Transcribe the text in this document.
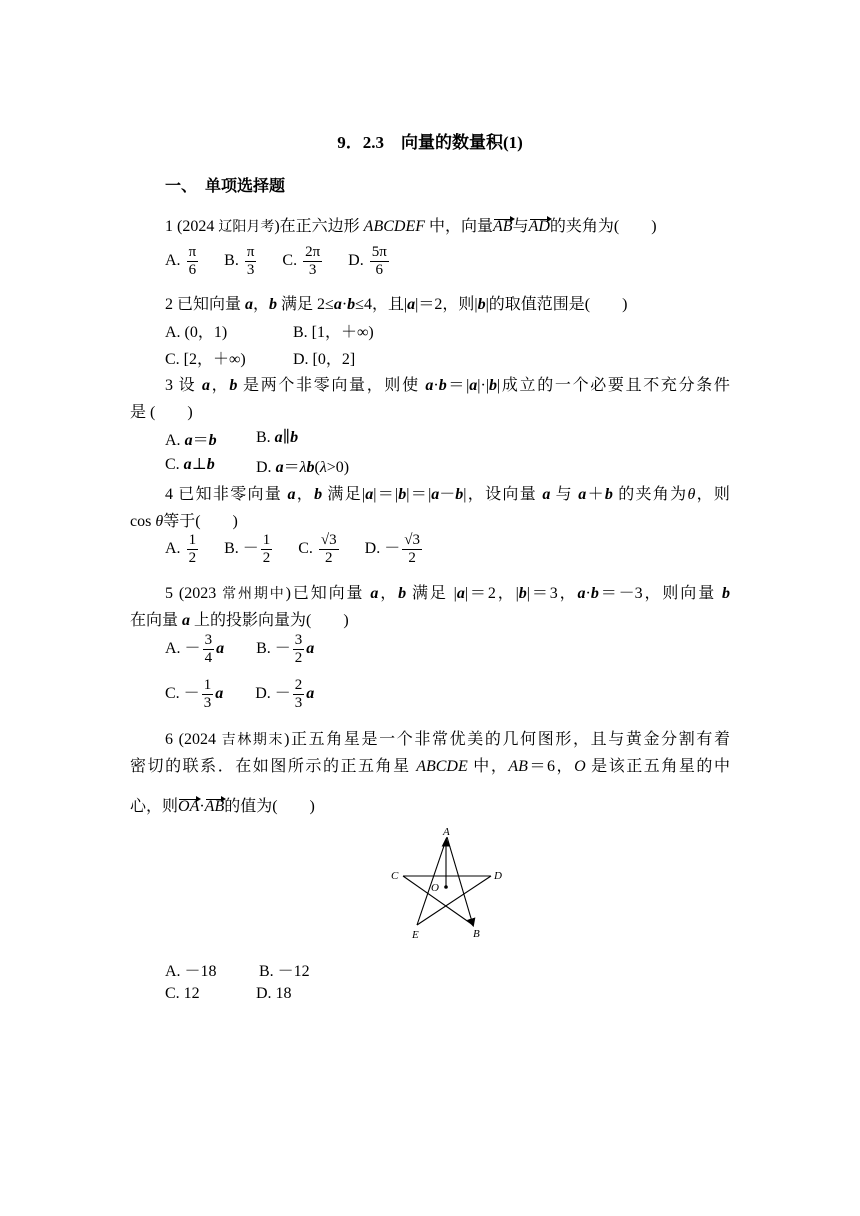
9．2.3　向量的数量积(1)
一、　单项选择题
1 (2024 辽阳月考)在正六边形 ABCDEF 中，向量AB与AD的夹角为(　　)
A. $\frac{\pi}{6} B$. $\frac{\pi}{3} C$. $\frac{2\pi}{3} D$. $\frac{5\pi}{6}$
2 已知向量 a，b 满足 2≤a·b≤4，且|a|＝2，则|b|的取值范围是(　　)
A. (0，1)	B. [1，＋∞)
C. [2，＋∞)	D. [0，2]
3 设 a，b 是两个非零向量，则使 a·b＝|a|·|b|成立的一个必要且不充分条件
是 (　　)
A. a＝b B. a∥b
C. a⊥b	D. a＝λb(λ>0)
4 已知非零向量 a，b 满足|a|＝|b|＝|a－b|，设向量 a 与 a＋b 的夹角为θ，则
cos θ等于(　　)
A. $\frac{1}{2} B$. － $\frac{1}{2} C$. $\frac{√3}{2} D$. － $\frac{√3}{2}$
5 (2023 常州期中)已知向量 a，b 满足 |a|＝2，|b|＝3，a·b＝－3，则向量 b
在向量 a 上的投影向量为(　　)
A. － $\frac{3}{4}$ a B. － $\frac{3}{2}$ a
C. － $\frac{1}{3}$ a D. － $\frac{2}{3}$ a
6 (2024 吉林期末)正五角星是一个非常优美的几何图形，且与黄金分割有着
密切的联系．在如图所示的正五角星 ABCDE 中，AB＝6，O 是该正五角星的中
心，则OA·AB的值为(　　)
A
B
C	D
E
O
A. －18	B. －12
C. 12	D. 18
